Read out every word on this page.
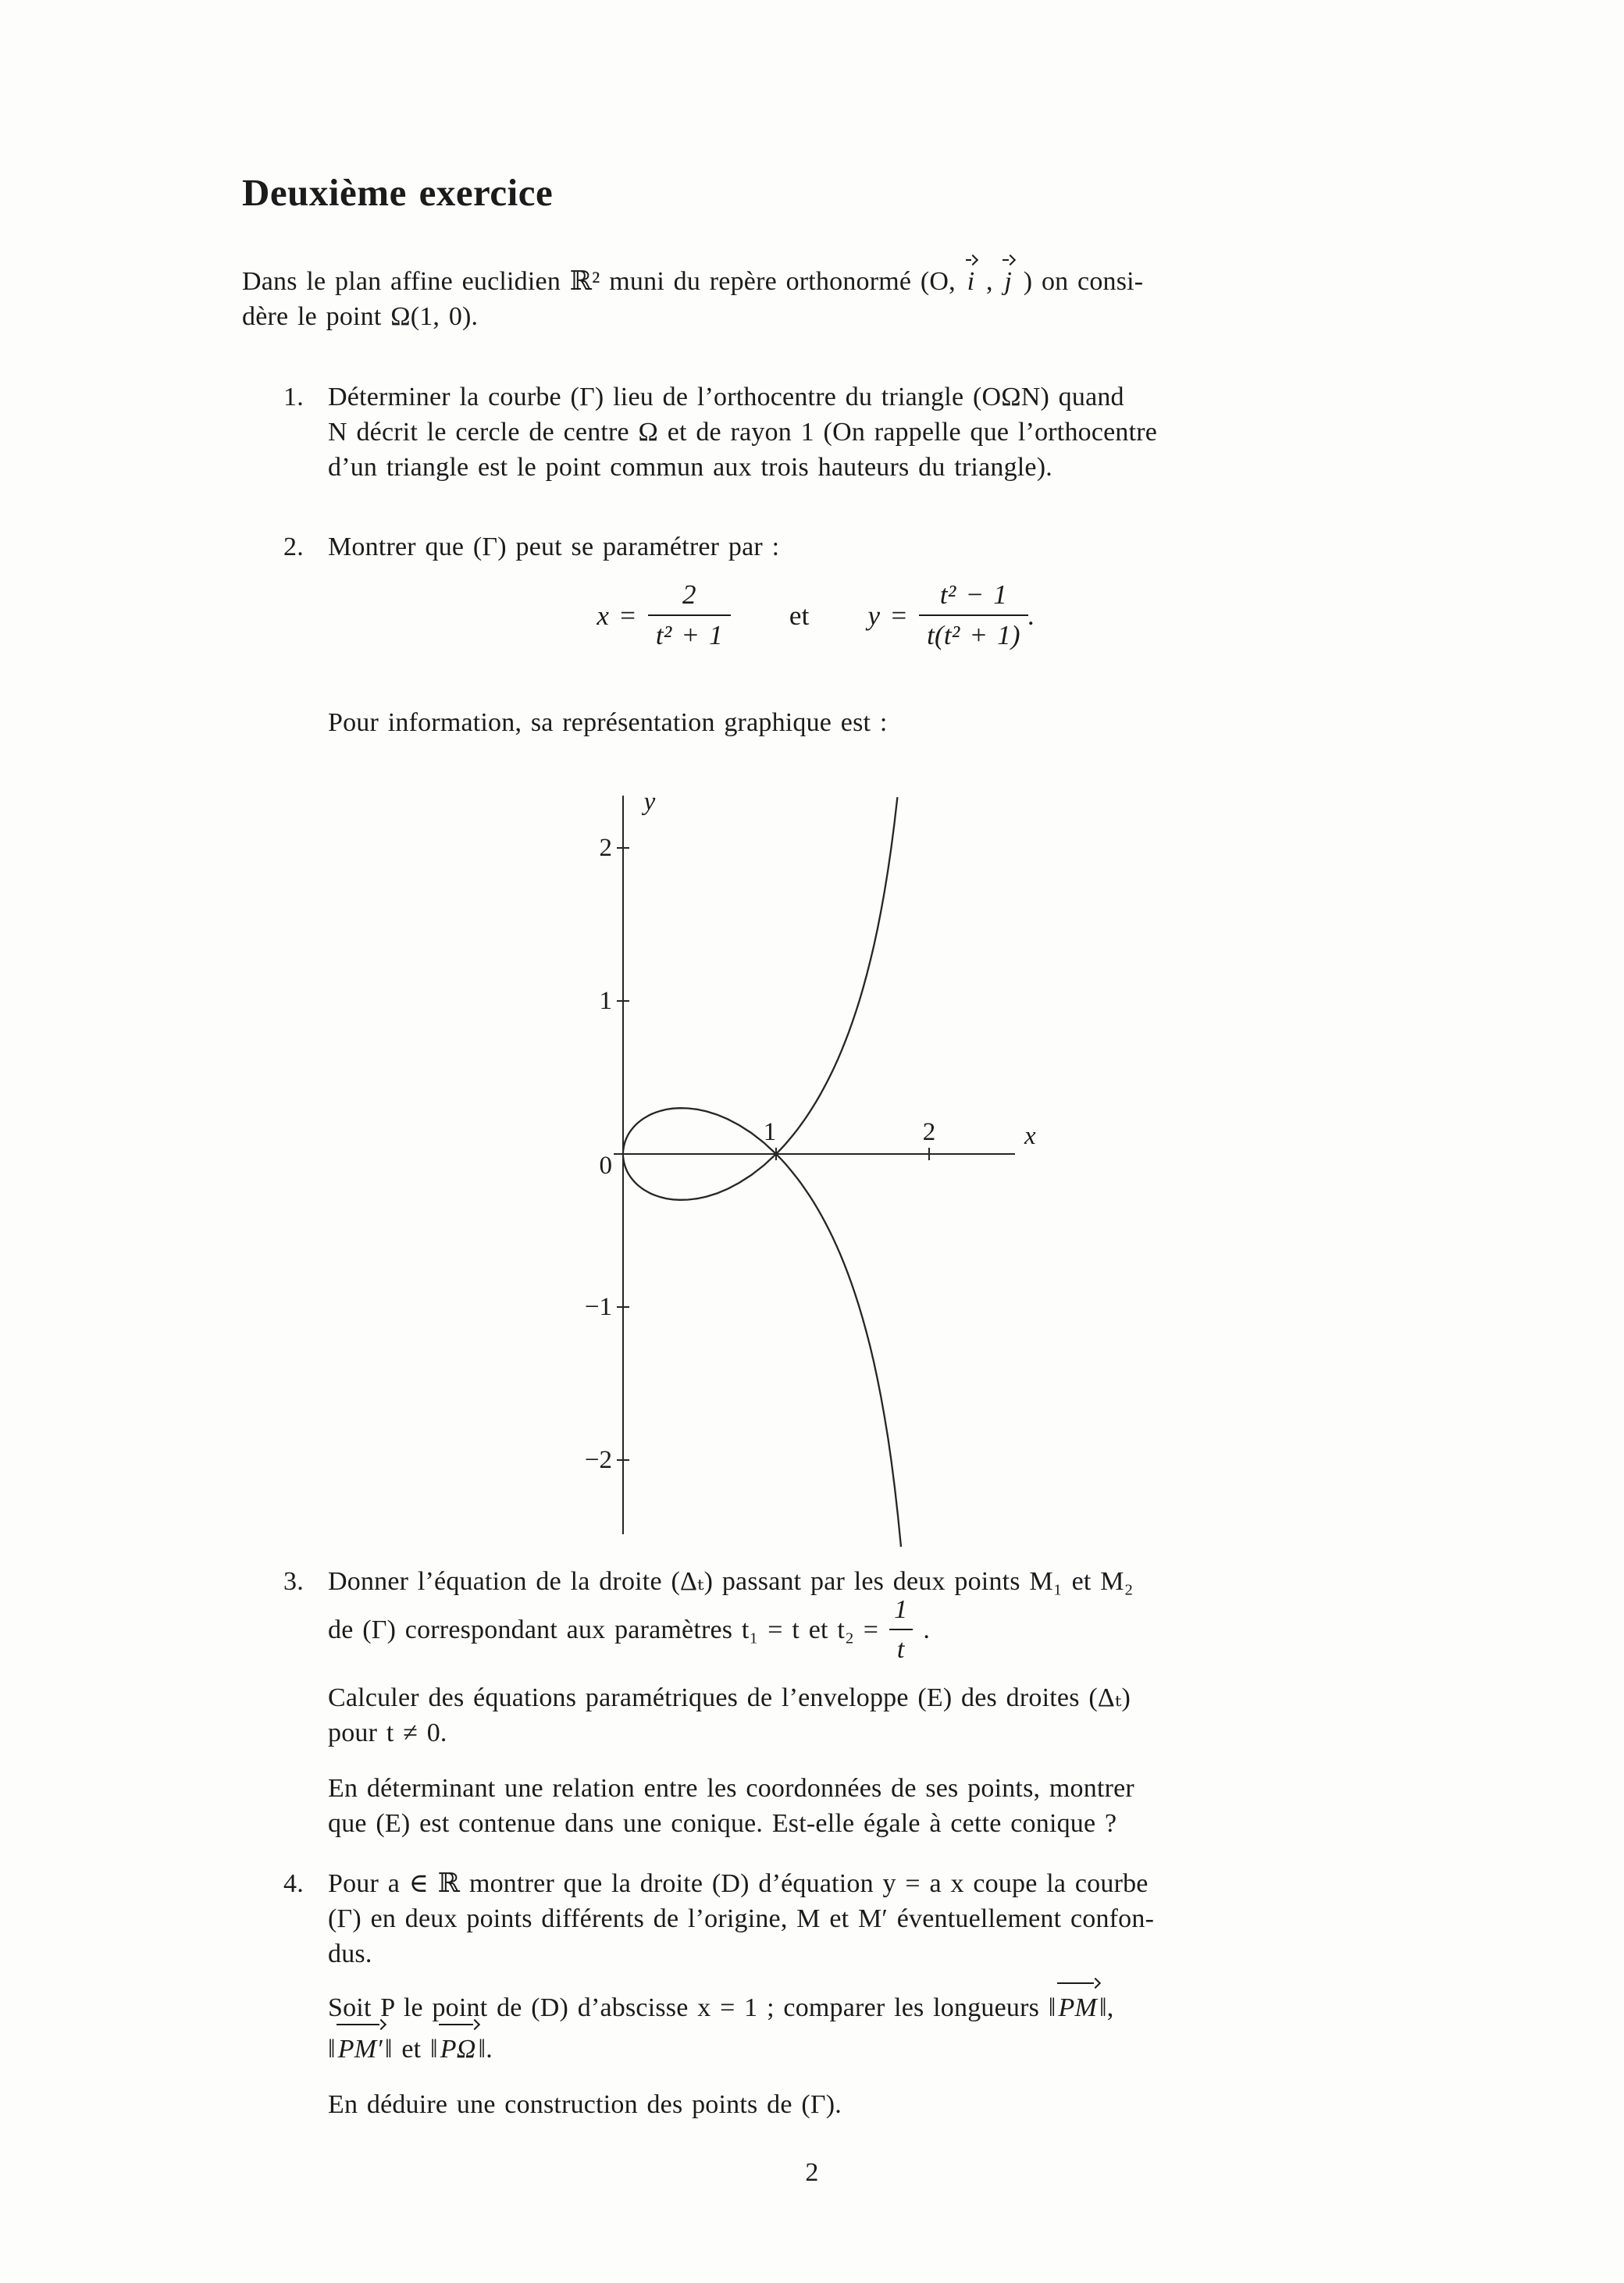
Deuxième exercice
Dans le plan affine euclidien ℝ² muni du repère orthonormé (O, i , j ) on consi-
dère le point Ω(1, 0).
1. Déterminer la courbe (Γ) lieu de l’orthocentre du triangle (OΩN) quand
N décrit le cercle de centre Ω et de rayon 1 (On rappelle que l’orthocentre
d’un triangle est le point commun aux trois hauteurs du triangle).
2. Montrer que (Γ) peut se paramétrer par :
$x = \frac{2}{\text{t² + 1}}$ et $y = \frac{\text{t² − 1}}{\text{t(t² + 1)}}$ .
Pour information, sa représentation graphique est :
2
1
0
−1
−2
1	2	x
y
3. Donner l’équation de la droite (Δₜ) passant par les deux points M₁ et M₂
de (Γ) correspondant aux paramètres t₁ = t et $t_2 = \frac{1}{t}$ .
Calculer des équations paramétriques de l’enveloppe (E) des droites (Δₜ)
pour t ≠ 0.
En déterminant une relation entre les coordonnées de ses points, montrer
que (E) est contenue dans une conique. Est-elle égale à cette conique ?
4. Pour a ∈ ℝ montrer que la droite (D) d’équation y = a x coupe la courbe
(Γ) en deux points différents de l’origine, M et M′ éventuellement confon-
dus.
Soit P le point de (D) d’abscisse x = 1 ; comparer les longueurs ‖PM‖,
‖PM′‖ et ‖PΩ‖.
En déduire une construction des points de (Γ).
2
